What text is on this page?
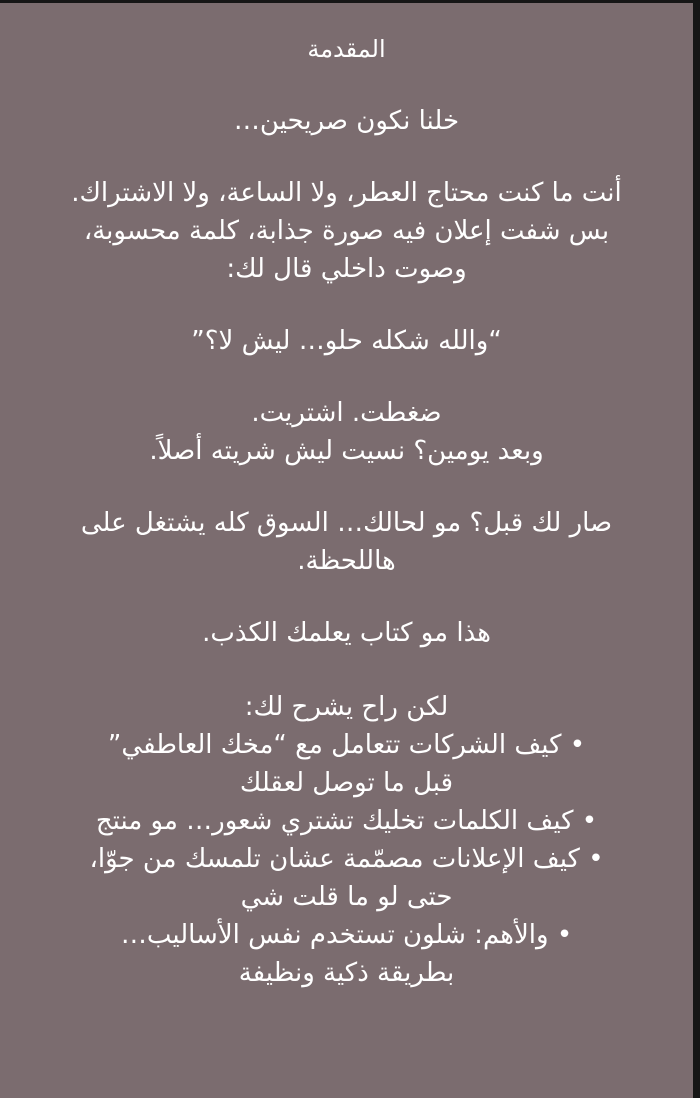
المقدمة
خلنا نكون صريحين…
أنت ما كنت محتاج العطر، ولا الساعة، ولا الاشتراك.
بس شفت إعلان فيه صورة جذابة، كلمة محسوبة،
وصوت داخلي قال لك:
“والله شكله حلو… ليش لا؟”
ضغطت. اشتريت.
وبعد يومين؟ نسيت ليش شريته أصلاً.
صار لك قبل؟ مو لحالك… السوق كله يشتغل على
هاللحظة.
هذا مو كتاب يعلمك الكذب.
لكن راح يشرح لك:
• كيف الشركات تتعامل مع “مخك العاطفي”
قبل ما توصل لعقلك
• كيف الكلمات تخليك تشتري شعور… مو منتج
• كيف الإعلانات مصمّمة عشان تلمسك من جوّا،
حتى لو ما قلت شي
• والأهم: شلون تستخدم نفس الأساليب…
بطريقة ذكية ونظيفة
